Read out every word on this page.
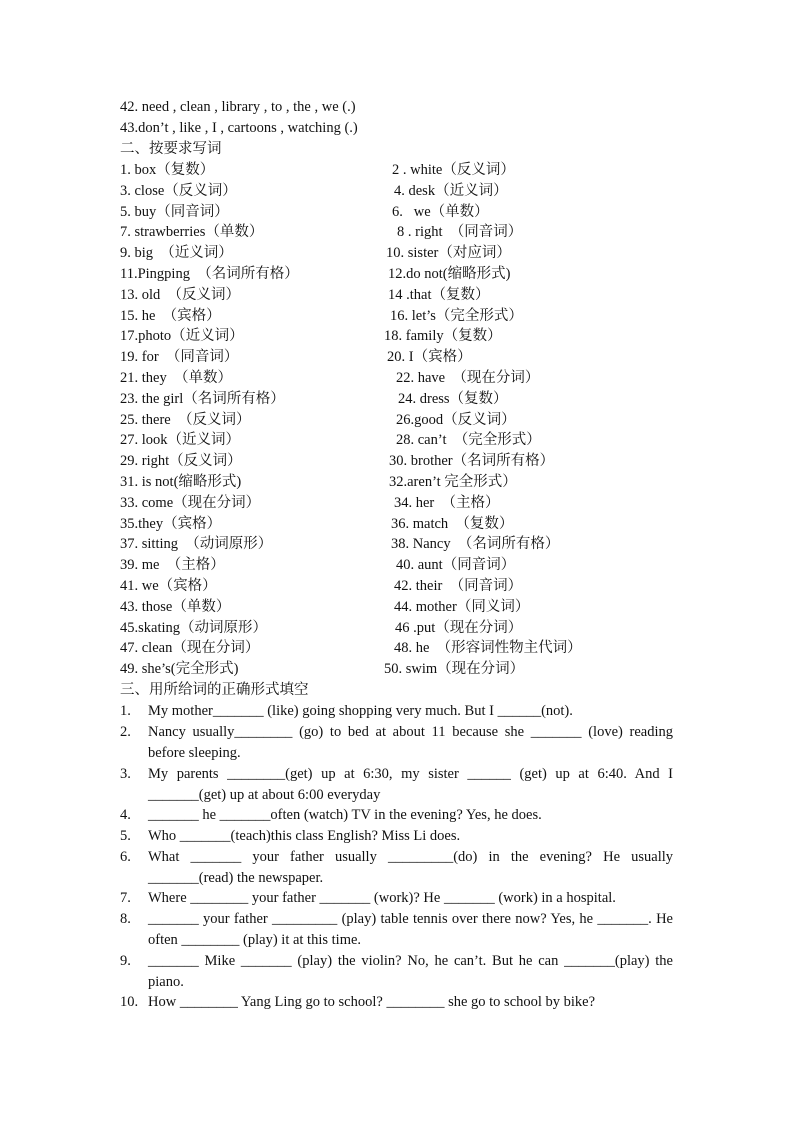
42. need , clean , library , to , the , we (.)
43.don’t , like , I , cartoons , watching (.)
二、按要求写词
1. box（复数）	2 . white（反义词）
3. close（反义词）	4. desk（近义词）
5. buy（同音词）	6.   we（单数）
7. strawberries（单数）	8 . right  （同音词）
9. big  （近义词）	10. sister（对应词）
11.Pingping  （名词所有格）	12.do not(缩略形式)
13. old  （反义词）	14 .that（复数）
15. he  （宾格）	16. let’s（完全形式）
17.photo（近义词）	18. family（复数）
19. for  （同音词）	20. I（宾格）
21. they  （单数）	22. have  （现在分词）
23. the girl（名词所有格）	24. dress（复数）
25. there  （反义词）	26.good（反义词）
27. look（近义词）	28. can’t  （完全形式）
29. right（反义词）	30. brother（名词所有格）
31. is not(缩略形式)	32.aren’t 完全形式）
33. come（现在分词）	34. her  （主格）
35.they（宾格）	36. match  （复数）
37. sitting  （动词原形）	38. Nancy  （名词所有格）
39. me  （主格）	40. aunt（同音词）
41. we（宾格）	42. their  （同音词）
43. those（单数）	44. mother（同义词）
45.skating（动词原形）	46 .put（现在分词）
47. clean（现在分词）	48. he  （形容词性物主代词）
49. she’s(完全形式)	50. swim（现在分词）
三、用所给词的正确形式填空
1. My mother_______ (like) going shopping very much. But I ______(not).
2. Nancy usually________ (go) to bed at about 11 because she _______ (love) reading before sleeping.
3. My parents ________(get) up at 6:30, my sister ______ (get) up at 6:40. And I _______(get) up at about 6:00 everyday
4. _______ he _______often (watch) TV in the evening? Yes, he does.
5. Who _______(teach)this class English? Miss Li does.
6. What _______ your father usually _________(do) in the evening? He usually _______(read) the newspaper.
7. Where ________ your father _______ (work)? He _______ (work) in a hospital.
8. _______ your father _________ (play) table tennis over there now? Yes, he _______. He often ________ (play) it at this time.
9. _______ Mike _______ (play) the violin? No, he can’t. But he can _______(play) the piano.
10. How ________ Yang Ling go to school? ________ she go to school by bike?
